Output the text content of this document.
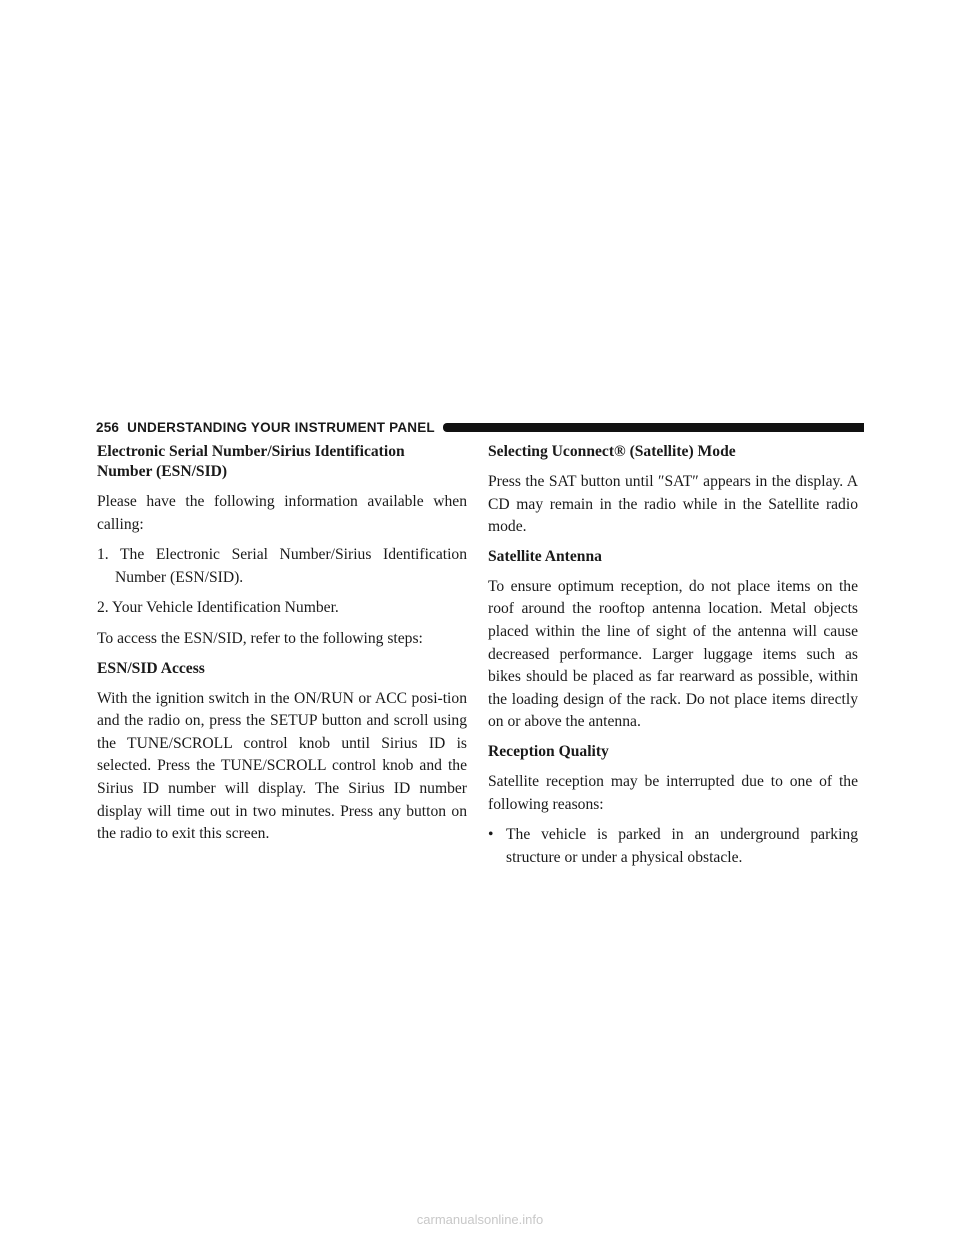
256 UNDERSTANDING YOUR INSTRUMENT PANEL
Electronic Serial Number/Sirius Identification
Number (ESN/SID)

Please have the following information available when calling:

1. The Electronic Serial Number/Sirius Identification Number (ESN/SID).
2. Your Vehicle Identification Number.

To access the ESN/SID, refer to the following steps:

ESN/SID Access

With the ignition switch in the ON/RUN or ACC posi-tion and the radio on, press the SETUP button and scroll using the TUNE/SCROLL control knob until Sirius ID is selected. Press the TUNE/SCROLL control knob and the Sirius ID number will display. The Sirius ID number display will time out in two minutes. Press any button on the radio to exit this screen.

Selecting Uconnect® (Satellite) Mode

Press the SAT button until ″SAT″ appears in the display. A CD may remain in the radio while in the Satellite radio mode.

Satellite Antenna

To ensure optimum reception, do not place items on the roof around the rooftop antenna location. Metal objects placed within the line of sight of the antenna will cause decreased performance. Larger luggage items such as bikes should be placed as far rearward as possible, within the loading design of the rack. Do not place items directly on or above the antenna.

Reception Quality

Satellite reception may be interrupted due to one of the following reasons:

• The vehicle is parked in an underground parking structure or under a physical obstacle.
carmanualsonline.info
